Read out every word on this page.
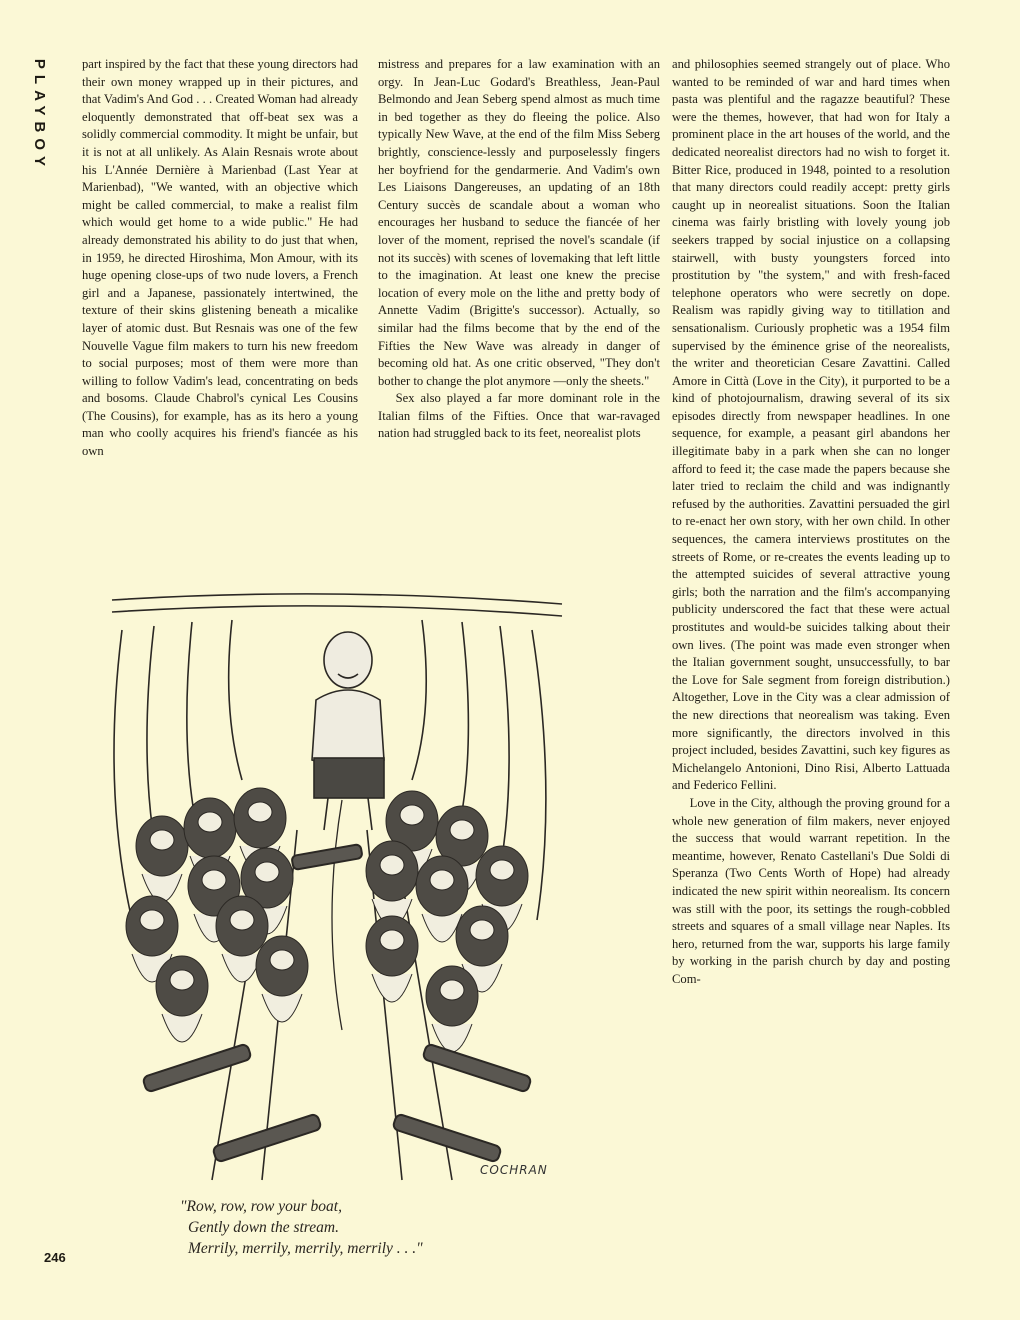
PLAYBOY	part inspired by the fact that these young directors had their own money wrapped up in their pictures, and that Vadim's And God . . . Created Woman had already eloquently demonstrated that off-beat sex was a solidly commercial commodity. It might be unfair, but it is not at all unlikely. As Alain Resnais wrote about his L'Année Dernière à Marienbad (Last Year at Marienbad), "We wanted, with an objective which might be called commercial, to make a realist film which would get home to a wide public." He had already demonstrated his ability to do just that when, in 1959, he directed Hiroshima, Mon Amour, with its huge opening close-ups of two nude lovers, a French girl and a Japanese, passionately intertwined, the texture of their skins glistening beneath a micalike layer of atomic dust. But Resnais was one of the few Nouvelle Vague film makers to turn his new freedom to social purposes; most of them were more than willing to follow Vadim's lead, concentrating on beds and bosoms. Claude Chabrol's cynical Les Cousins (The Cousins), for example, has as its hero a young man who coolly acquires his friend's fiancée as his own

mistress and prepares for a law examination with an orgy. In Jean-Luc Godard's Breathless, Jean-Paul Belmondo and Jean Seberg spend almost as much time in bed together as they do fleeing the police. Also typically New Wave, at the end of the film Miss Seberg brightly, conscience-lessly and purposelessly fingers her boyfriend for the gendarmerie. And Vadim's own Les Liaisons Dangereuses, an updating of an 18th Century succès de scandale about a woman who encourages her husband to seduce the fiancée of her lover of the moment, reprised the novel's scandale (if not its succès) with scenes of lovemaking that left little to the imagination. At least one knew the precise location of every mole on the lithe and pretty body of Annette Vadim (Brigitte's successor). Actually, so similar had the films become that by the end of the Fifties the New Wave was already in danger of becoming old hat. As one critic observed, "They don't bother to change the plot anymore —only the sheets."

Sex also played a far more dominant role in the Italian films of the Fifties. Once that war-ravaged nation had struggled back to its feet, neorealist plots

and philosophies seemed strangely out of place. Who wanted to be reminded of war and hard times when pasta was plentiful and the ragazze beautiful? These were the themes, however, that had won for Italy a prominent place in the art houses of the world, and the dedicated neorealist directors had no wish to forget it. Bitter Rice, produced in 1948, pointed to a resolution that many directors could readily accept: pretty girls caught up in neorealist situations. Soon the Italian cinema was fairly bristling with lovely young job seekers trapped by social injustice on a collapsing stairwell, with busty youngsters forced into prostitution by "the system," and with fresh-faced telephone operators who were secretly on dope. Realism was rapidly giving way to titillation and sensationalism. Curiously prophetic was a 1954 film supervised by the éminence grise of the neorealists, the writer and theoretician Cesare Zavattini. Called Amore in Città (Love in the City), it purported to be a kind of photojournalism, drawing several of its six episodes directly from newspaper headlines. In one sequence, for example, a peasant girl abandons her illegitimate baby in a park when she can no longer afford to feed it; the case made the papers because she later tried to reclaim the child and was indignantly refused by the authorities. Zavattini persuaded the girl to re-enact her own story, with her own child. In other sequences, the camera interviews prostitutes on the streets of Rome, or re-creates the events leading up to the attempted suicides of several attractive young girls; both the narration and the film's accompanying publicity underscored the fact that these were actual prostitutes and would-be suicides talking about their own lives. (The point was made even stronger when the Italian government sought, unsuccessfully, to bar the Love for Sale segment from foreign distribution.) Altogether, Love in the City was a clear admission of the new directions that neorealism was taking. Even more significantly, the directors involved in this project included, besides Zavattini, such key figures as Michelangelo Antonioni, Dino Risi, Alberto Lattuada and Federico Fellini.

Love in the City, although the proving ground for a whole new generation of film makers, never enjoyed the success that would warrant repetition. In the meantime, however, Renato Castellani's Due Soldi di Speranza (Two Cents Worth of Hope) had already indicated the new spirit within neorealism. Its concern was still with the poor, its settings the rough-cobbled streets and squares of a small village near Naples. Its hero, returned from the war, supports his large family by working in the parish church by day and posting Com-

COCHRAN
"Row, row, row your boat,
Gently down the stream.
Merrily, merrily, merrily, merrily . . ."
246
